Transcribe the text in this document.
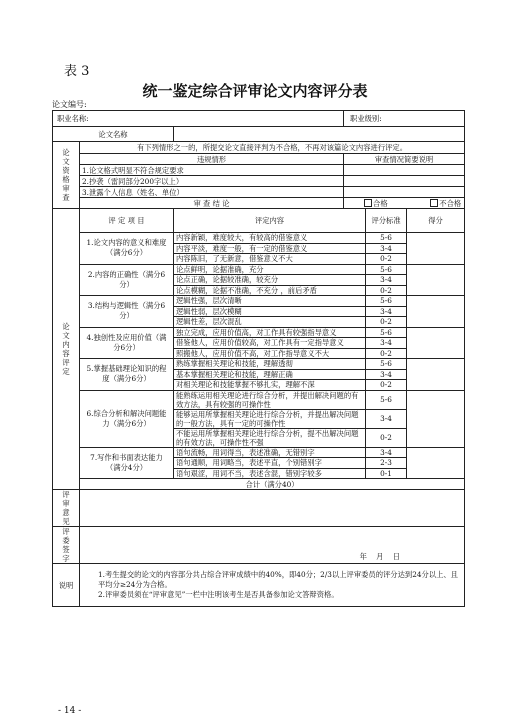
表 3
统一鉴定综合评审论文内容评分表
论文编号:
职业名称:			职业级别:		
论文名称					

论文资格审查	有下列情形之一的，所提交论文直接评判为不合格，不再对该篇论文内容进行评定。				
	违规情形		审查情况简要说明		
	1.论文格式明显不符合规定要求				
	2.抄袭（雷同部分200字以上）				
	3.泄露个人信息（姓名、单位）				
	审 查 结 论		合格 不合格		

论文内容评定	评 定 项 目	评定内容		评分标准	得分
	1.论文内容的意义和难度（满分6分）	内容新颖，难度较大，有较高的借鉴意义		5-6	
		内容平淡，难度一般，有一定的借鉴意义		3-4	
		内容陈旧，了无新意，借鉴意义不大		0-2	
	2.内容的正确性（满分6分）	论点鲜明，论据准确，充分		5-6	
		论点正确，论据较准确，较充分		3-4	
		论点模糊，论据不准确，不充分 ，前后矛盾		0-2	
	3.结构与逻辑性（满分6分）	逻辑性强，层次清晰		5-6	
		逻辑性弱，层次模糊		3-4	
		逻辑性差，层次混乱		0-2	
	4.独创性及应用价值（满分6分）	独立完成，应用价值高，对工作具有较强指导意义		5-6	
		借鉴他人，应用价值较高，对工作具有一定指导意义		3-4	
		照搬他人，应用价值不高，对工作指导意义不大		0-2	
	5.掌握基础理论知识的程度（满分6分）	熟练掌握相关理论和技能，理解透彻		5-6	
		基本掌握相关理论和技能，理解正确		3-4	
		对相关理论和技能掌握不够扎实，理解不深		0-2	
	6.综合分析和解决问题能力（满分6分）	能熟练运用相关理论进行综合分析，并提出解决问题的有效方法，具有较强的可操作性		5-6	
		能够运用所掌握相关理论进行综合分析，并提出解决问题的一般方法，具有一定的可操作性		3-4	
		不能运用所掌握相关理论进行综合分析，提不出解决问题的有效方法，可操作性不强		0-2	
	7.写作和书面表达能力（满分4分）	语句流畅，用词得当，表述准确，无错别字		3-4	
		语句通顺，用词略当，表述平直，个别错别字		2-3	
		语句艰涩，用词不当，表述含混，错别字较多		0-1	
	合计（满分40）				

评审意见					

评委签字	年    月    日				
说明	1.考生提交的论文的内容部分共占综合评审成绩中的40%，即40分；2/3以上评审委员的评分达到24分以上、且平均分≥24分为合格。
2.评审委员须在“评审意见”一栏中注明该考生是否具备参加论文答辩资格。				
- 14 -
